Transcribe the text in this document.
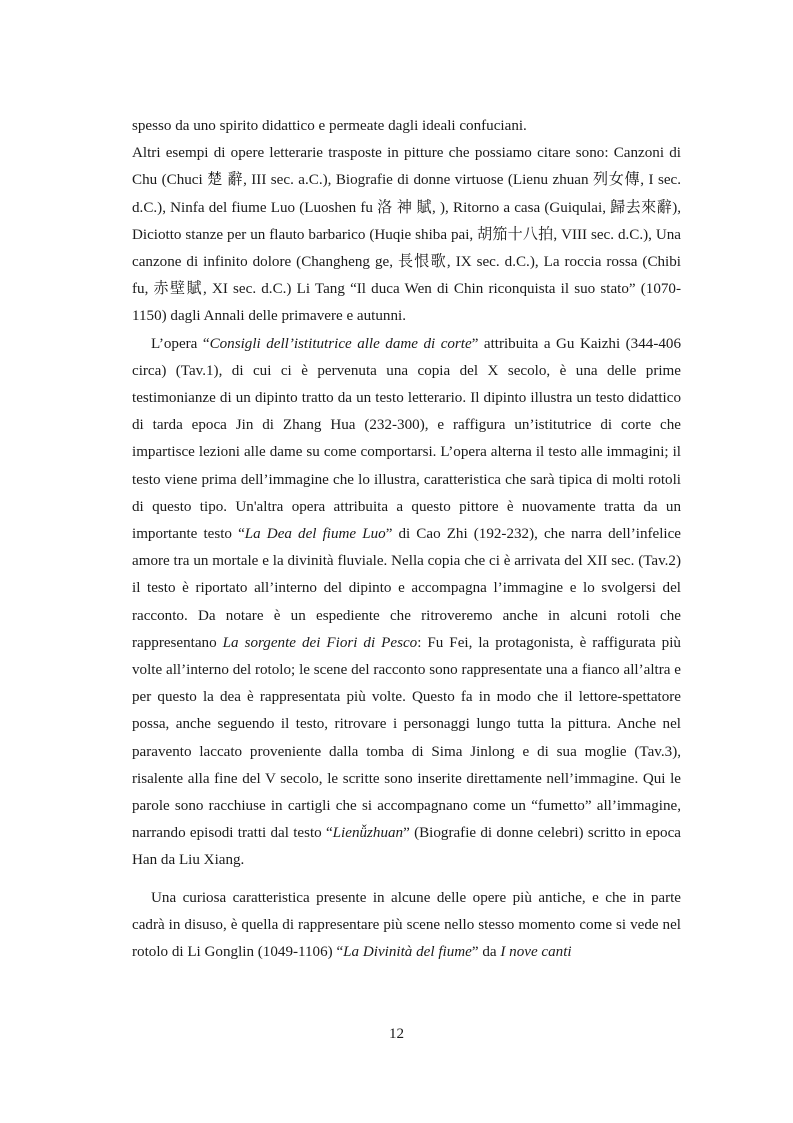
spesso da uno spirito didattico e permeate dagli ideali confuciani.

Altri esempi di opere letterarie trasposte in pitture che possiamo citare sono: Canzoni di Chu (Chuci 楚 辭, III sec. a.C.), Biografie di donne virtuose (Lienu zhuan 列女傳, I sec. d.C.), Ninfa del fiume Luo (Luoshen fu 洛 神 賦, ), Ritorno a casa (Guiqulai, 歸去來辭), Diciotto stanze per un flauto barbarico (Huqie shiba pai, 胡笳十八拍, VIII sec. d.C.), Una canzone di infinito dolore (Changheng ge, 長恨歌, IX sec. d.C.), La roccia rossa (Chibi fu, 赤壁賦, XI sec. d.C.) Li Tang “Il duca Wen di Chin riconquista il suo stato” (1070-1150) dagli Annali delle primavere e autunni.

L’opera “Consigli dell’istitutrice alle dame di corte” attribuita a Gu Kaizhi (344-406 circa) (Tav.1), di cui ci è pervenuta una copia del X secolo, è una delle prime testimonianze di un dipinto tratto da un testo letterario. Il dipinto illustra un testo didattico di tarda epoca Jin di Zhang Hua (232-300), e raffigura un’istitutrice di corte che impartisce lezioni alle dame su come comportarsi. L’opera alterna il testo alle immagini; il testo viene prima dell’immagine che lo illustra, caratteristica che sarà tipica di molti rotoli di questo tipo. Un'altra opera attribuita a questo pittore è nuovamente tratta da un importante testo “La Dea del fiume Luo” di Cao Zhi (192-232), che narra dell’infelice amore tra un mortale e la divinità fluviale. Nella copia che ci è arrivata del XII sec. (Tav.2) il testo è riportato all’interno del dipinto e accompagna l’immagine e lo svolgersi del racconto. Da notare è un espediente che ritroveremo anche in alcuni rotoli che rappresentano La sorgente dei Fiori di Pesco: Fu Fei, la protagonista, è raffigurata più volte all’interno del rotolo; le scene del racconto sono rappresentate una a fianco all’altra e per questo la dea è rappresentata più volte. Questo fa in modo che il lettore-spettatore possa, anche seguendo il testo, ritrovare i personaggi lungo tutta la pittura. Anche nel paravento laccato proveniente dalla tomba di Sima Jinlong e di sua moglie (Tav.3), risalente alla fine del V secolo, le scritte sono inserite direttamente nell’immagine. Qui le parole sono racchiuse in cartigli che si accompagnano come un “fumetto” all’immagine, narrando episodi tratti dal testo “Lienǚzhuan” (Biografie di donne celebri) scritto in epoca Han da Liu Xiang.

Una curiosa caratteristica presente in alcune delle opere più antiche, e che in parte cadrà in disuso, è quella di rappresentare più scene nello stesso momento come si vede nel rotolo di Li Gonglin (1049-1106) “La Divinità del fiume” da I nove canti

12
